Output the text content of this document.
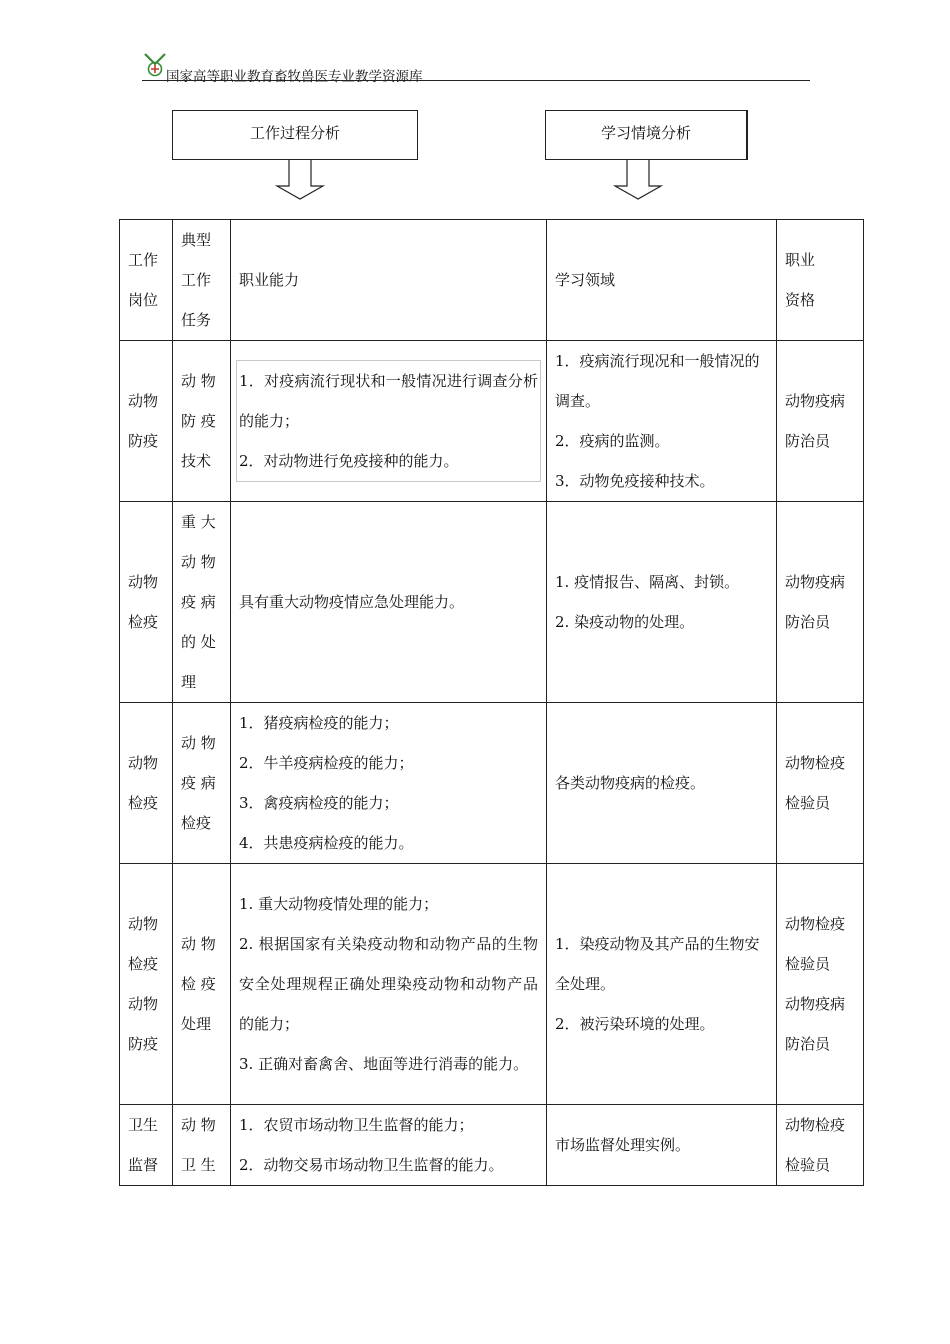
国家高等职业教育畜牧兽医专业教学资源库
工作过程分析	学习情境分析
工作
岗位	典型
工作
任务	职业能力	学习领域	职业
资格

动物
防疫	动 物
防 疫
技术	1．对疫病流行现状和一般情况进行调查分析的能力；
2．对动物进行免疫接种的能力。	1．疫病流行现况和一般情况的调查。
2．疫病的监测。
3．动物免疫接种技术。	动物疫病
防治员

动物
检疫	重 大
动 物
疫 病
的 处
理	具有重大动物疫情应急处理能力。	1. 疫情报告、隔离、封锁。
2. 染疫动物的处理。	动物疫病
防治员

动物
检疫	动 物
疫 病
检疫	1．猪疫病检疫的能力；
2．牛羊疫病检疫的能力；
3．禽疫病检疫的能力；
4．共患疫病检疫的能力。	各类动物疫病的检疫。	动物检疫
检验员

动物
检疫
动物
防疫	动 物
检 疫
处理	1. 重大动物疫情处理的能力；
2. 根据国家有关染疫动物和动物产品的生物安全处理规程正确处理染疫动物和动物产品的能力；
3. 正确对畜禽舍、地面等进行消毒的能力。	1．染疫动物及其产品的生物安全处理。
2．被污染环境的处理。	动物检疫
检验员
动物疫病
防治员

卫生
监督	动 物
卫 生	1．农贸市场动物卫生监督的能力；
2．动物交易市场动物卫生监督的能力。	市场监督处理实例。	动物检疫
检验员
